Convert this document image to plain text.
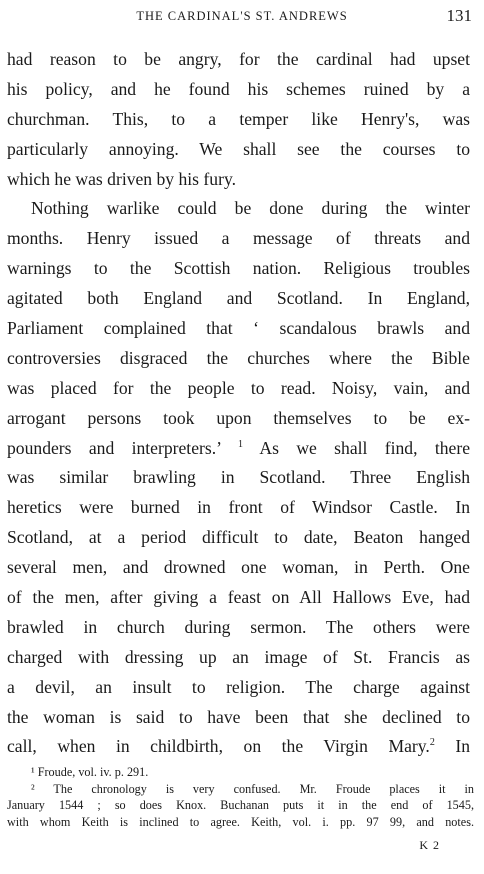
THE CARDINAL'S ST. ANDREWS	131
had reason to be angry, for the cardinal had upset
his policy, and he found his schemes ruined by a
churchman. This, to a temper like Henry's, was
particularly annoying. We shall see the courses to
which he was driven by his fury.
Nothing warlike could be done during the winter
months. Henry issued a message of threats and
warnings to the Scottish nation. Religious troubles
agitated both England and Scotland. In England,
Parliament complained that ‘ scandalous brawls and
controversies disgraced the churches where the Bible
was placed for the people to read. Noisy, vain, and
arrogant persons took upon themselves to be ex-
pounders and interpreters.’ $^1$ As we shall find, there
was similar brawling in Scotland. Three English
heretics were burned in front of Windsor Castle. In
Scotland, at a period difficult to date, Beaton hanged
several men, and drowned one woman, in Perth. One
of the men, after giving a feast on All Hallows Eve, had
brawled in church during sermon. The others were
charged with dressing up an image of St. Francis as
a devil, an insult to religion. The charge against
the woman is said to have been that she declined to
call, when in childbirth, on the Virgin Mary.$^2$ In
¹ Froude, vol. iv. p. 291.
² The chronology is very confused. Mr. Froude places it in
January 1544 ; so does Knox. Buchanan puts it in the end of 1545,
with whom Keith is inclined to agree. Keith, vol. i. pp. 97 99, and notes.
K 2
